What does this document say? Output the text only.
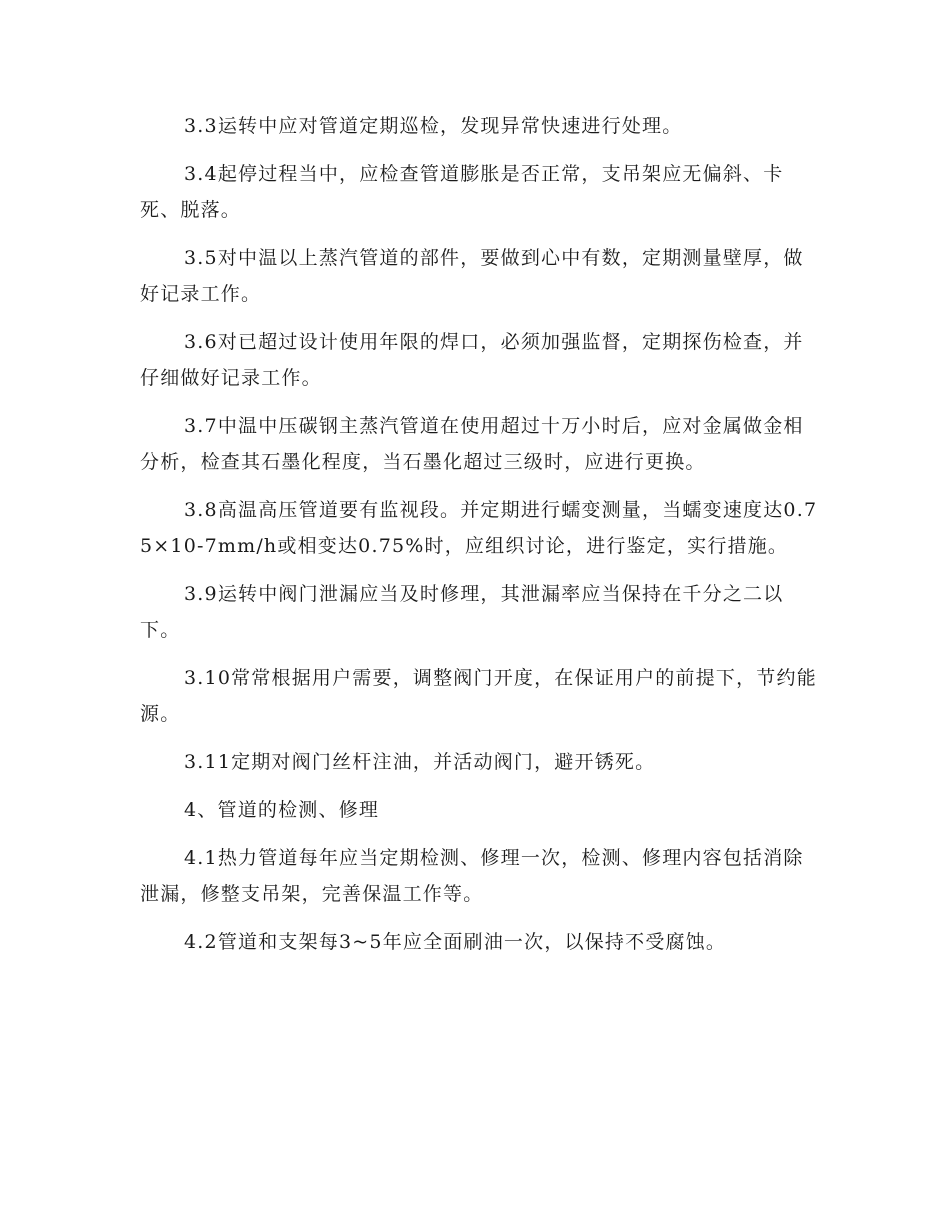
3.3运转中应对管道定期巡检，发现异常快速进行处理。

3.4起停过程当中，应检查管道膨胀是否正常，支吊架应无偏斜、卡死、脱落。

3.5对中温以上蒸汽管道的部件，要做到心中有数，定期测量壁厚，做好记录工作。

3.6对已超过设计使用年限的焊口，必须加强监督，定期探伤检查，并仔细做好记录工作。

3.7中温中压碳钢主蒸汽管道在使用超过十万小时后，应对金属做金相分析，检查其石墨化程度，当石墨化超过三级时，应进行更换。

3.8高温高压管道要有监视段。并定期进行蠕变测量，当蠕变速度达0.75×10-7mm/h或相变达0.75%时，应组织讨论，进行鉴定，实行措施。

3.9运转中阀门泄漏应当及时修理，其泄漏率应当保持在千分之二以下。

3.10常常根据用户需要，调整阀门开度，在保证用户的前提下，节约能源。

3.11定期对阀门丝杆注油，并活动阀门，避开锈死。

4、管道的检测、修理

4.1热力管道每年应当定期检测、修理一次，检测、修理内容包括消除泄漏，修整支吊架，完善保温工作等。

4.2管道和支架每3~5年应全面刷油一次，以保持不受腐蚀。
